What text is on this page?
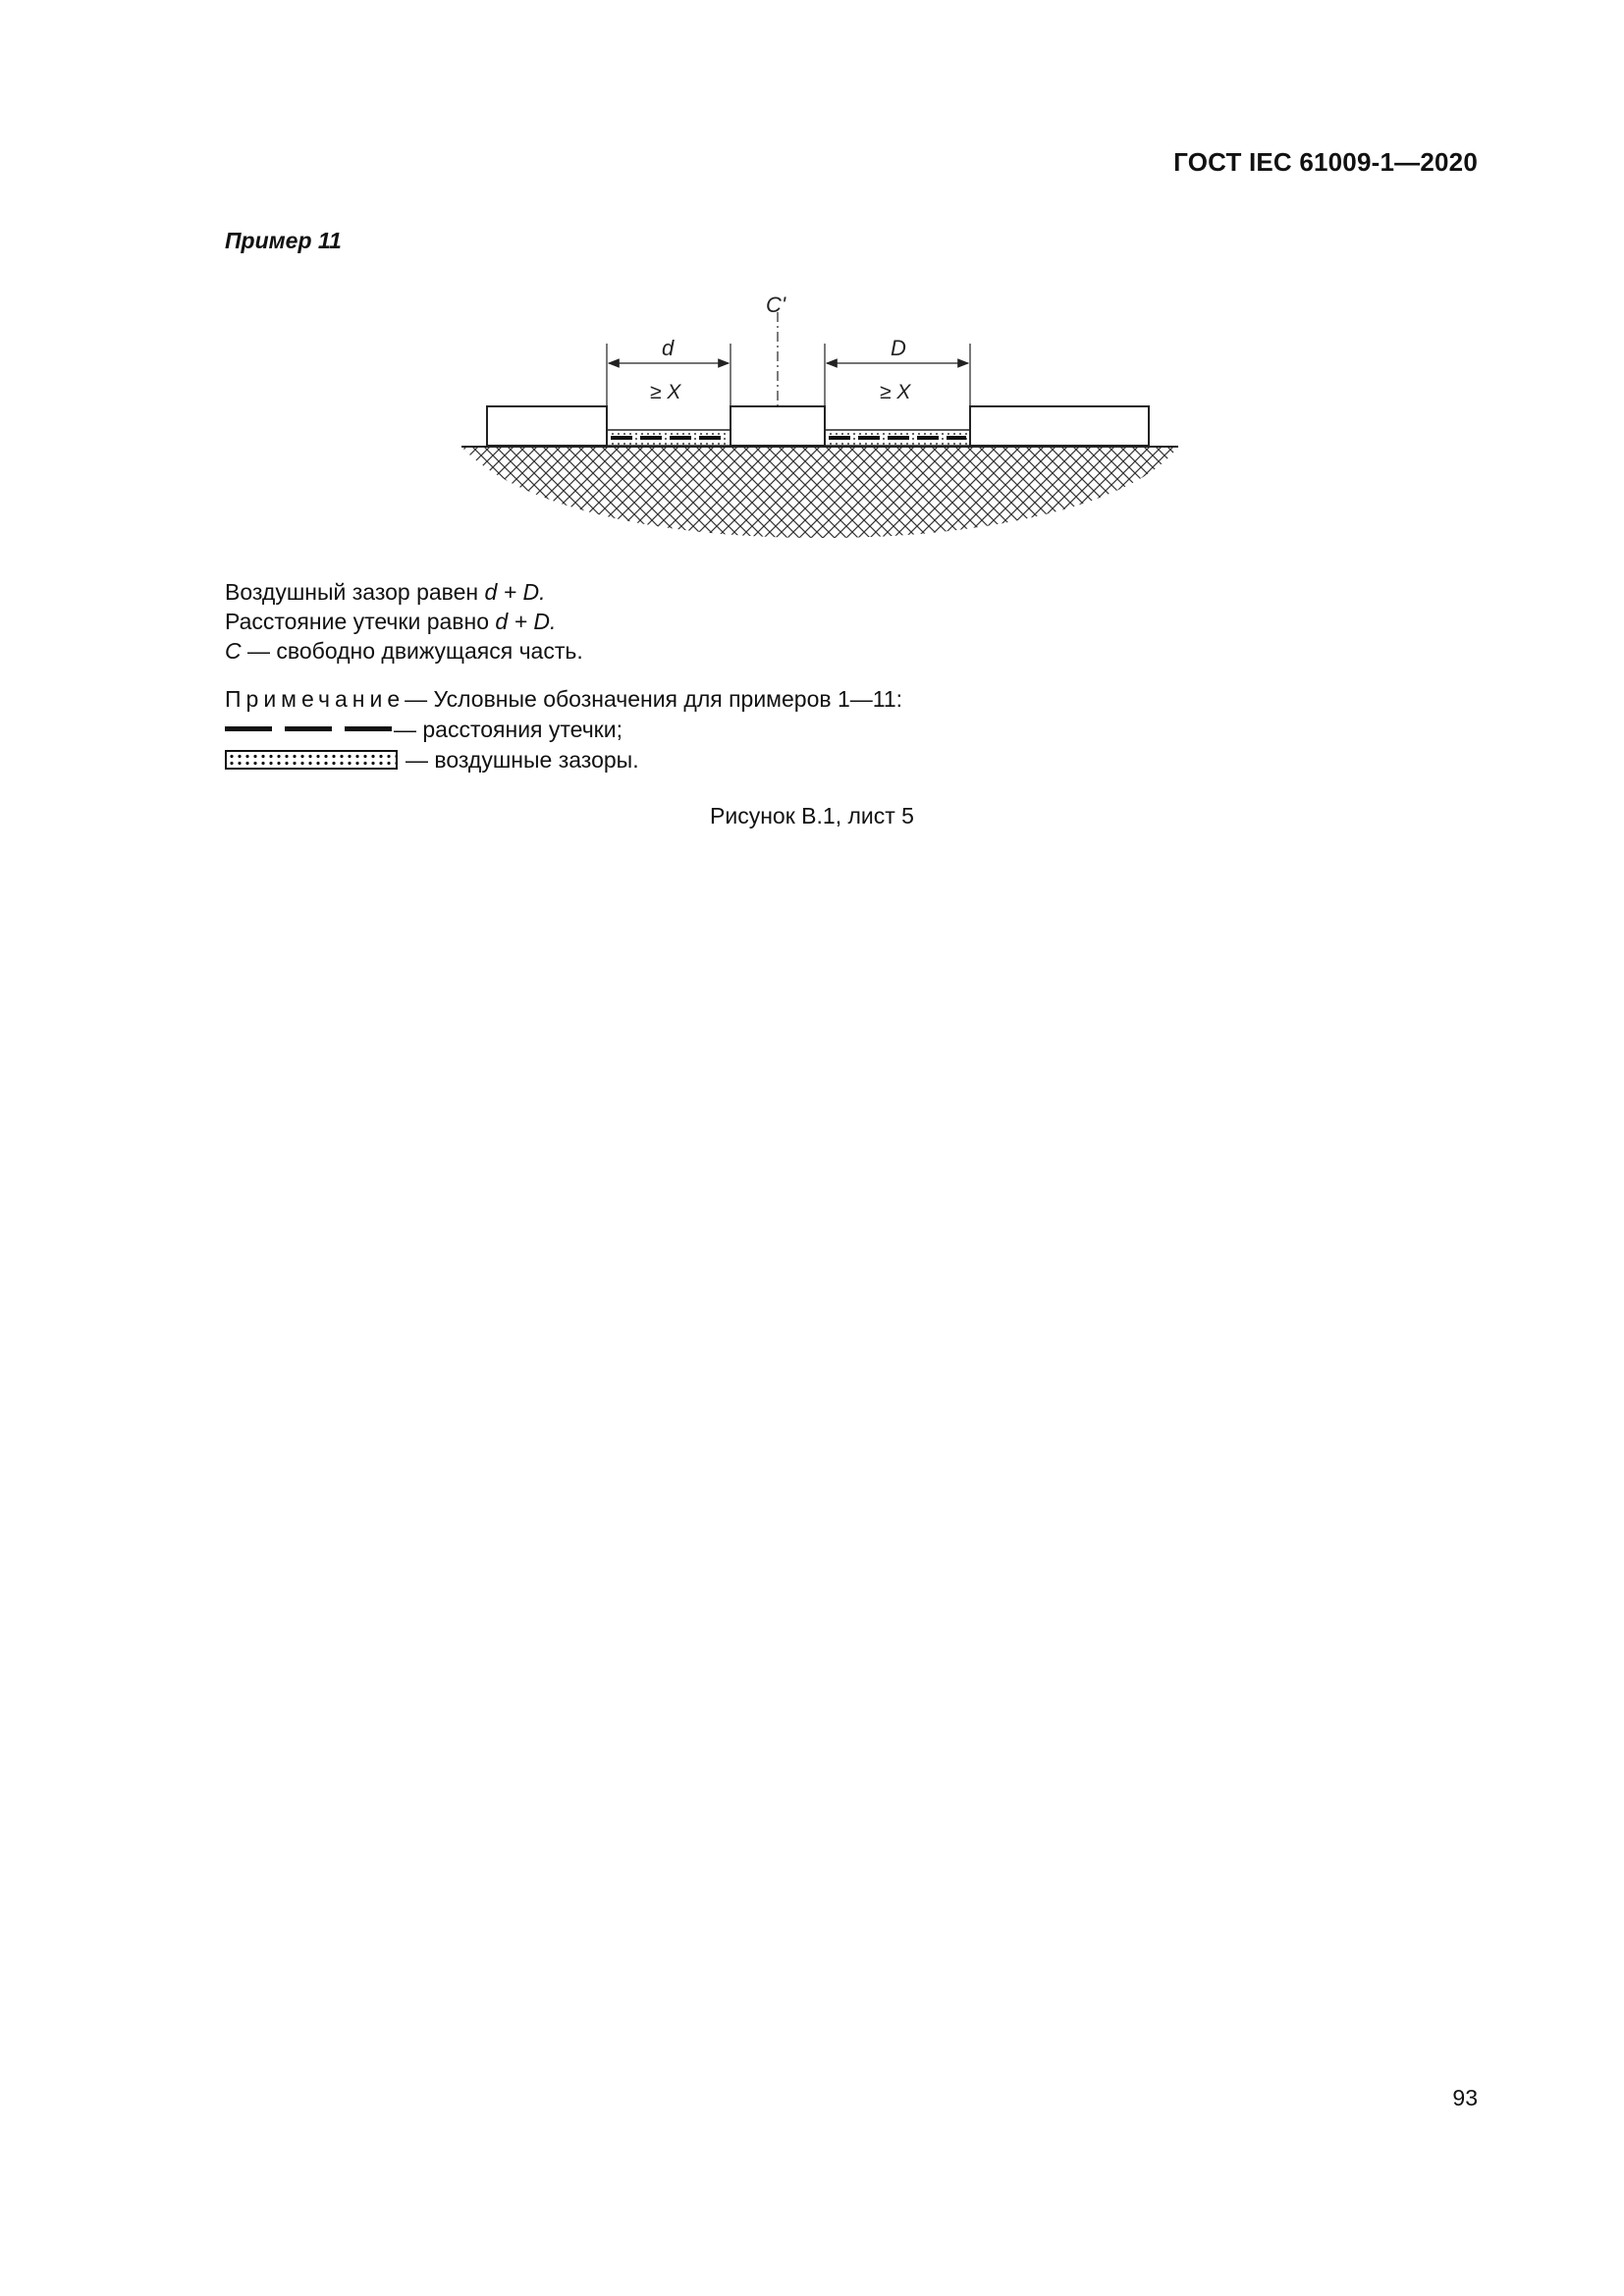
ГОСТ IEC 61009-1—2020
Пример 11
C'
d	D
≥ X	≥ X
Воздушный зазор равен d + D.
Расстояние утечки равно d + D.
C — свободно движущаяся часть.
Примечание — Условные обозначения для примеров 1—11:
— расстояния утечки;
— воздушные зазоры.
Рисунок В.1, лист 5
93
